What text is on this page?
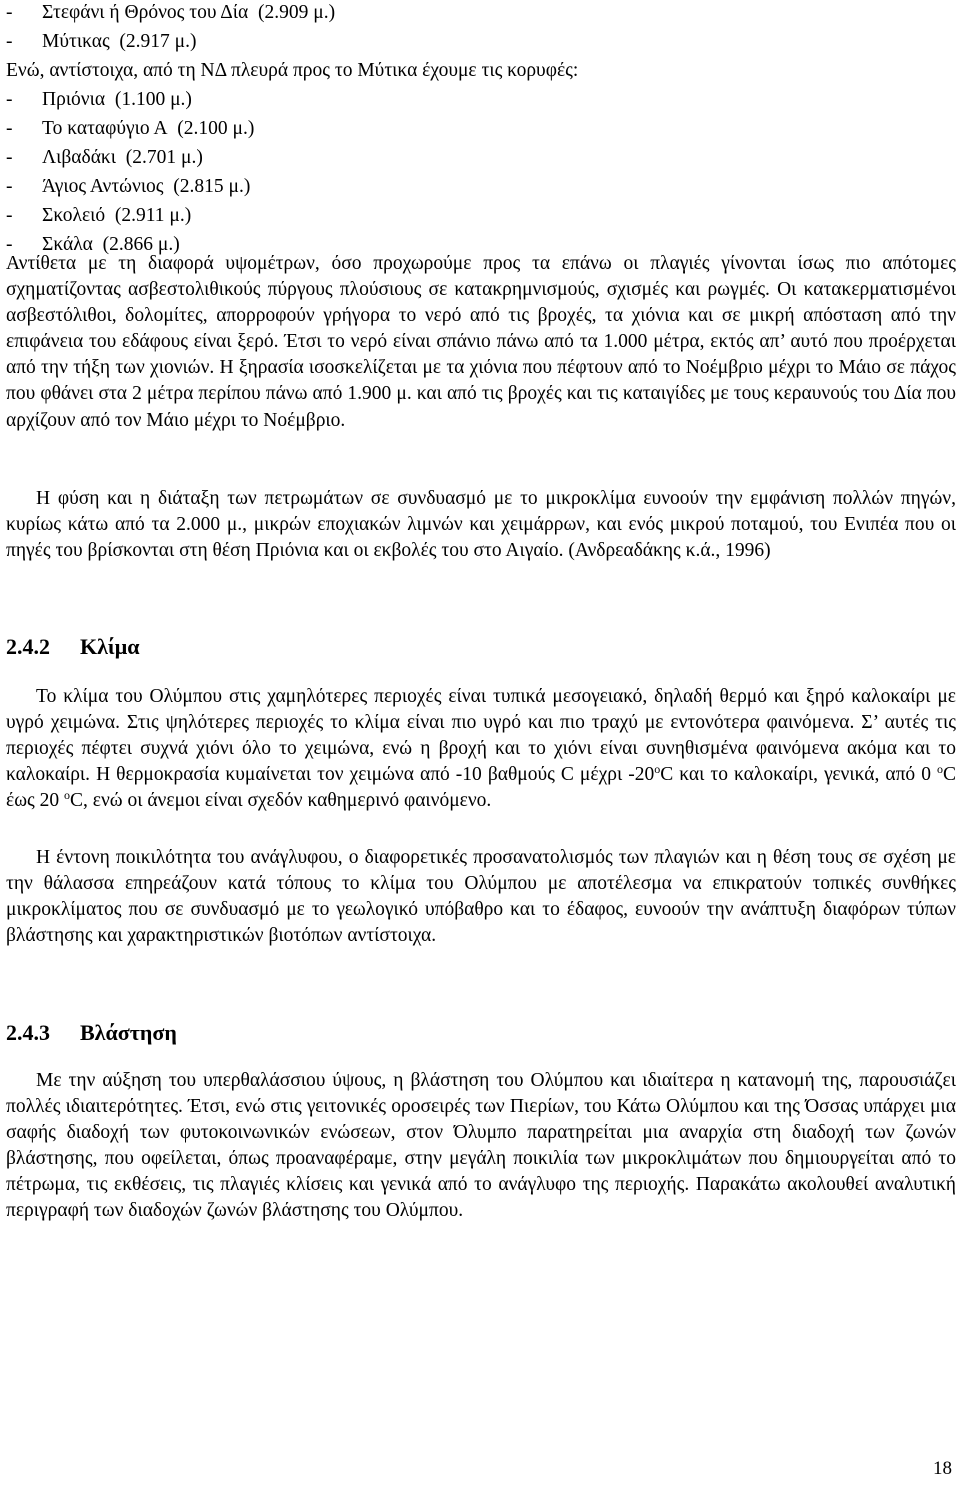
- Στεφάνι ή Θρόνος του Δία (2.909 μ.)
- Μύτικας (2.917 μ.)
Ενώ, αντίστοιχα, από τη ΝΔ πλευρά προς το Μύτικα έχουμε τις κορυφές:
- Πριόνια (1.100 μ.)
- Το καταφύγιο Α (2.100 μ.)
- Λιβαδάκι (2.701 μ.)
- Άγιος Αντώνιος (2.815 μ.)
- Σκολειό (2.911 μ.)
- Σκάλα (2.866 μ.)

Αντίθετα με τη διαφορά υψομέτρων, όσο προχωρούμε προς τα επάνω οι πλαγιές γίνονται ίσως πιο απότομες σχηματίζοντας ασβεστολιθικούς πύργους πλούσιους σε κατακρημνισμούς, σχισμές και ρωγμές. Οι κατακερματισμένοι ασβεστόλιθοι, δολομίτες, απορροφούν γρήγορα το νερό από τις βροχές, τα χιόνια και σε μικρή απόσταση από την επιφάνεια του εδάφους είναι ξερό. Έτσι το νερό είναι σπάνιο πάνω από τα 1.000 μέτρα, εκτός απ’ αυτό που προέρχεται από την τήξη των χιονιών. Η ξηρασία ισοσκελίζεται με τα χιόνια που πέφτουν από το Νοέμβριο μέχρι το Μάιο σε πάχος που φθάνει στα 2 μέτρα περίπου πάνω από 1.900 μ. και από τις βροχές και τις καταιγίδες με τους κεραυνούς του Δία που αρχίζουν από τον Μάιο μέχρι το Νοέμβριο.

Η φύση και η διάταξη των πετρωμάτων σε συνδυασμό με το μικροκλίμα ευνοούν την εμφάνιση πολλών πηγών, κυρίως κάτω από τα 2.000 μ., μικρών εποχιακών λιμνών και χειμάρρων, και ενός μικρού ποταμού, του Ενιπέα που οι πηγές του βρίσκονται στη θέση Πριόνια και οι εκβολές του στο Αιγαίο. (Ανδρεαδάκης κ.ά., 1996)

2.4.2 Κλίμα

Το κλίμα του Ολύμπου στις χαμηλότερες περιοχές είναι τυπικά μεσογειακό, δηλαδή θερμό και ξηρό καλοκαίρι με υγρό χειμώνα. Στις ψηλότερες περιοχές το κλίμα είναι πιο υγρό και πιο τραχύ με εντονότερα φαινόμενα. Σ’ αυτές τις περιοχές πέφτει συχνά χιόνι όλο το χειμώνα, ενώ η βροχή και το χιόνι είναι συνηθισμένα φαινόμενα ακόμα και το καλοκαίρι. Η θερμοκρασία κυμαίνεται τον χειμώνα από -10 βαθμούς C μέχρι -20$^o$C και το καλοκαίρι, γενικά, από 0 $^o$C έως 20 $^o$C, ενώ οι άνεμοι είναι σχεδόν καθημερινό φαινόμενο.

Η έντονη ποικιλότητα του ανάγλυφου, ο διαφορετικές προσανατολισμός των πλαγιών και η θέση τους σε σχέση με την θάλασσα επηρεάζουν κατά τόπους το κλίμα του Ολύμπου με αποτέλεσμα να επικρατούν τοπικές συνθήκες μικροκλίματος που σε συνδυασμό με το γεωλογικό υπόβαθρο και το έδαφος, ευνοούν την ανάπτυξη διαφόρων τύπων βλάστησης και χαρακτηριστικών βιοτόπων αντίστοιχα.

2.4.3 Βλάστηση

Με την αύξηση του υπερθαλάσσιου ύψους, η βλάστηση του Ολύμπου και ιδιαίτερα η κατανομή της, παρουσιάζει πολλές ιδιαιτερότητες. Έτσι, ενώ στις γειτονικές οροσειρές των Πιερίων, του Κάτω Ολύμπου και της Όσσας υπάρχει μια σαφής διαδοχή των φυτοκοινωνικών ενώσεων, στον Όλυμπο παρατηρείται μια αναρχία στη διαδοχή των ζωνών βλάστησης, που οφείλεται, όπως προαναφέραμε, στην μεγάλη ποικιλία των μικροκλιμάτων που δημιουργείται από το πέτρωμα, τις εκθέσεις, τις πλαγιές κλίσεις και γενικά από το ανάγλυφο της περιοχής. Παρακάτω ακολουθεί αναλυτική περιγραφή των διαδοχών ζωνών βλάστησης του Ολύμπου.

18
